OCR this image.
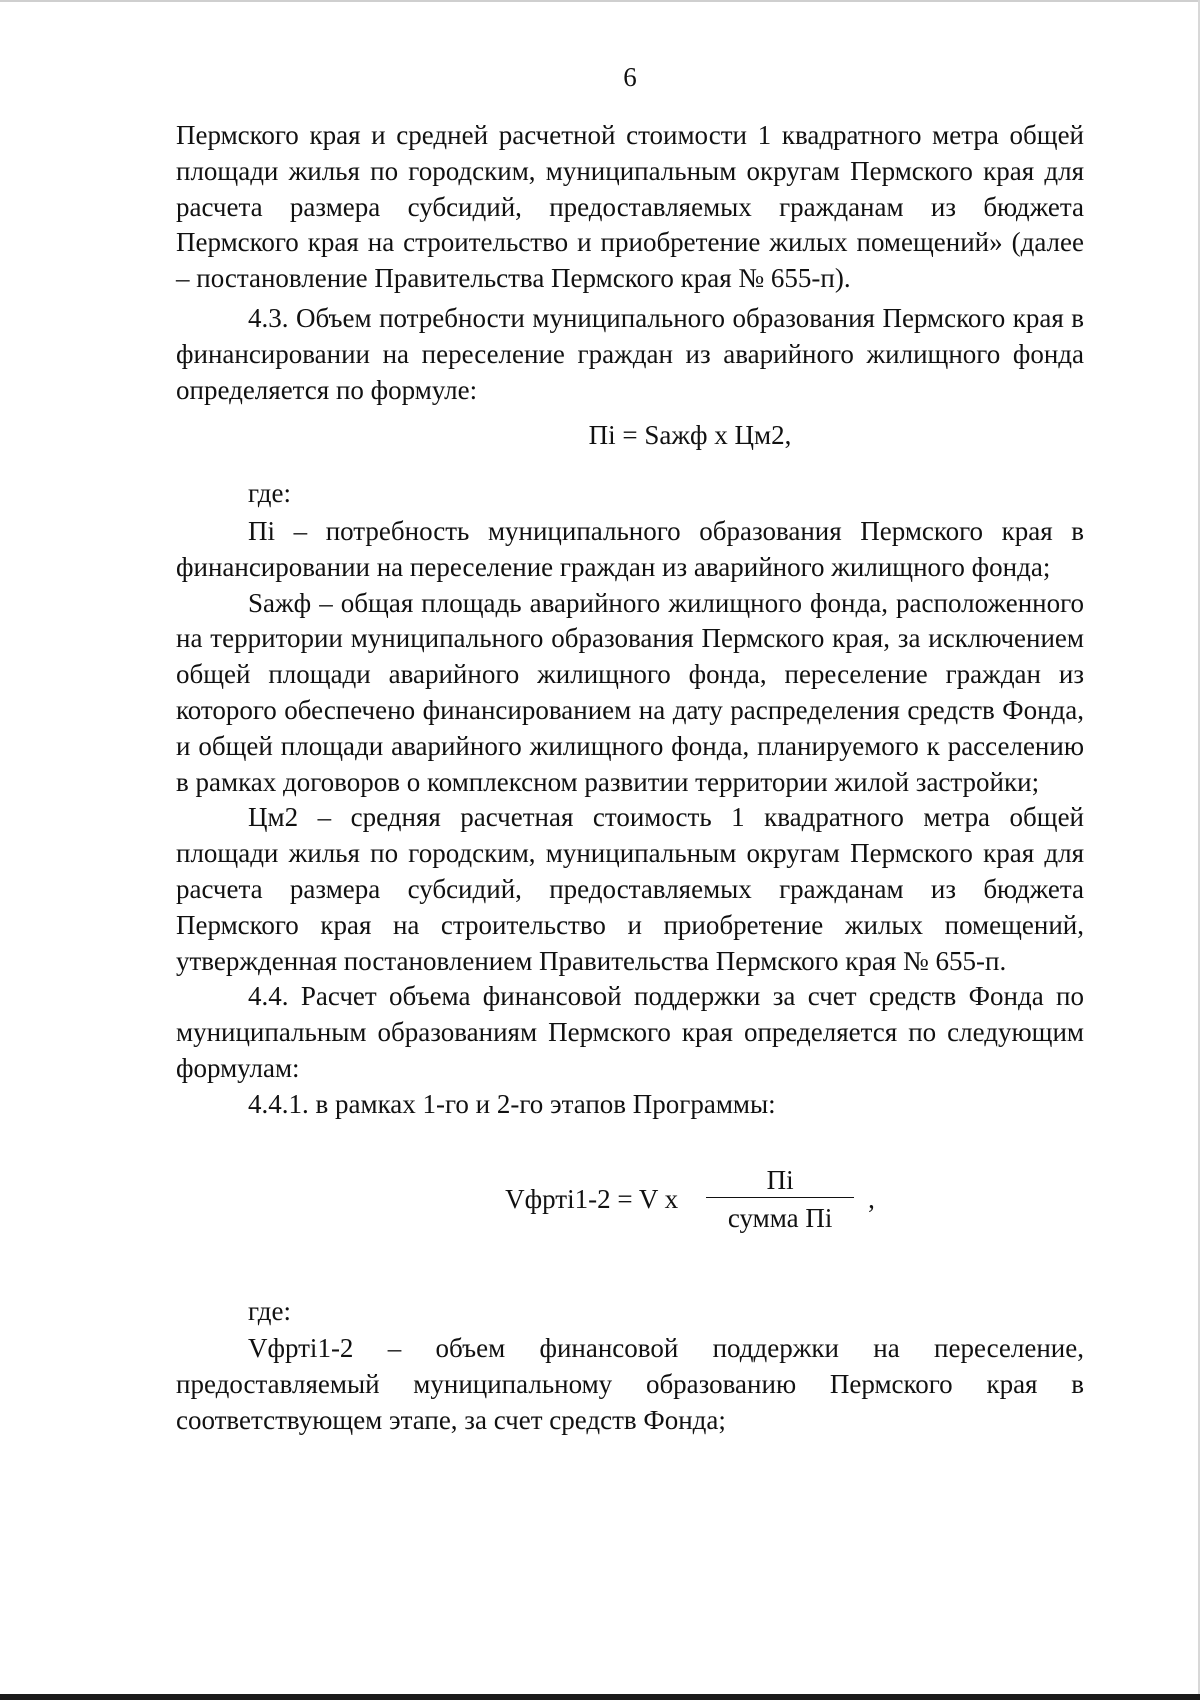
6

Пермского края и средней расчетной стоимости 1 квадратного метра общей площади жилья по городским, муниципальным округам Пермского края для расчета размера субсидий, предоставляемых гражданам из бюджета Пермского края на строительство и приобретение жилых помещений» (далее – постановление Правительства Пермского края № 655-п).

4.3. Объем потребности муниципального образования Пермского края в финансировании на переселение граждан из аварийного жилищного фонда определяется по формуле:

Пi = Sажф х Цм2,

где:

Пi – потребность муниципального образования Пермского края в финансировании на переселение граждан из аварийного жилищного фонда;

Sажф – общая площадь аварийного жилищного фонда, расположенного на территории муниципального образования Пермского края, за исключением общей площади аварийного жилищного фонда, переселение граждан из которого обеспечено финансированием на дату распределения средств Фонда, и общей площади аварийного жилищного фонда, планируемого к расселению в рамках договоров о комплексном развитии территории жилой застройки;

Цм2 – средняя расчетная стоимость 1 квадратного метра общей площади жилья по городским, муниципальным округам Пермского края для расчета размера субсидий, предоставляемых гражданам из бюджета Пермского края на строительство и приобретение жилых помещений, утвержденная постановлением Правительства Пермского края № 655-п.

4.4. Расчет объема финансовой поддержки за счет средств Фонда по муниципальным образованиям Пермского края определяется по следующим формулам:

4.4.1. в рамках 1-го и 2-го этапов Программы:

Vфртi1-2 = V х $\frac{Пi}{\text{сумма Пi}}$ ,

где:

Vфртi1-2 – объем финансовой поддержки на переселение, предоставляемый муниципальному образованию Пермского края в соответствующем этапе, за счет средств Фонда;
